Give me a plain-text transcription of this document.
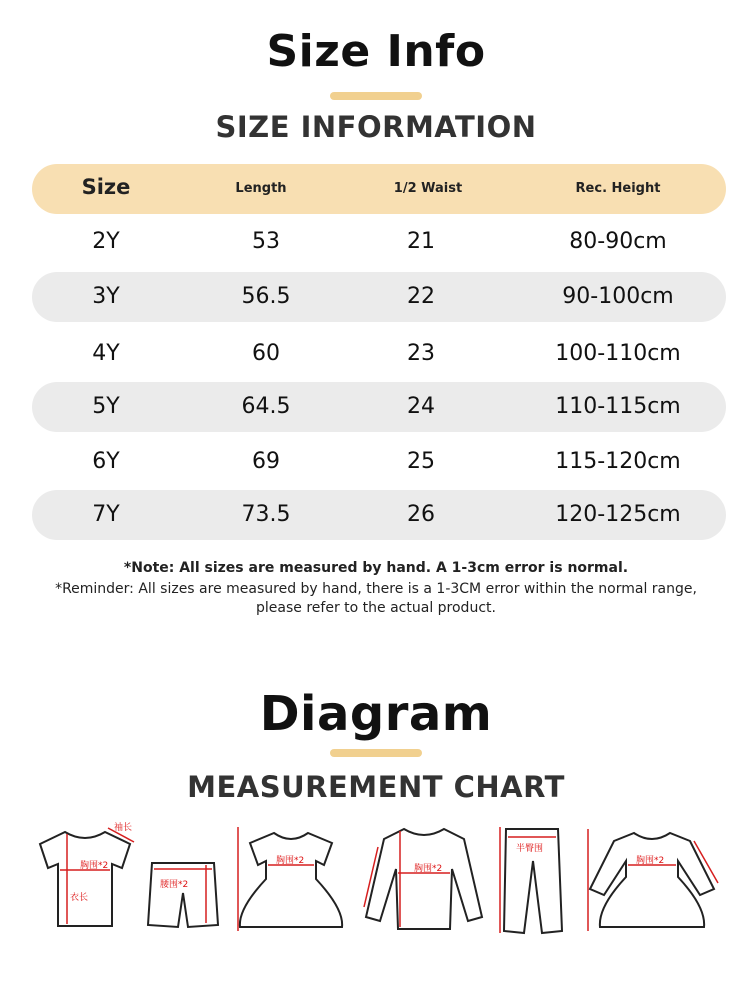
Size Info
SIZE INFORMATION
Size	Length	1/2 Waist	Rec. Height
2Y	53	21	80-90cm
3Y	56.5	22	90-100cm
4Y	60	23	100-110cm
5Y	64.5	24	110-115cm
6Y	69	25	115-120cm
7Y	73.5	26	120-125cm
*Note: All sizes are measured by hand. A 1-3cm error is normal.
*Reminder: All sizes are measured by hand, there is a 1-3CM error within the normal range,
please refer to the actual product.
Diagram
MEASUREMENT CHART
胸围*2
衣长
袖长
腰围*2
胸围*2
胸围*2
半臀围
胸围*2
